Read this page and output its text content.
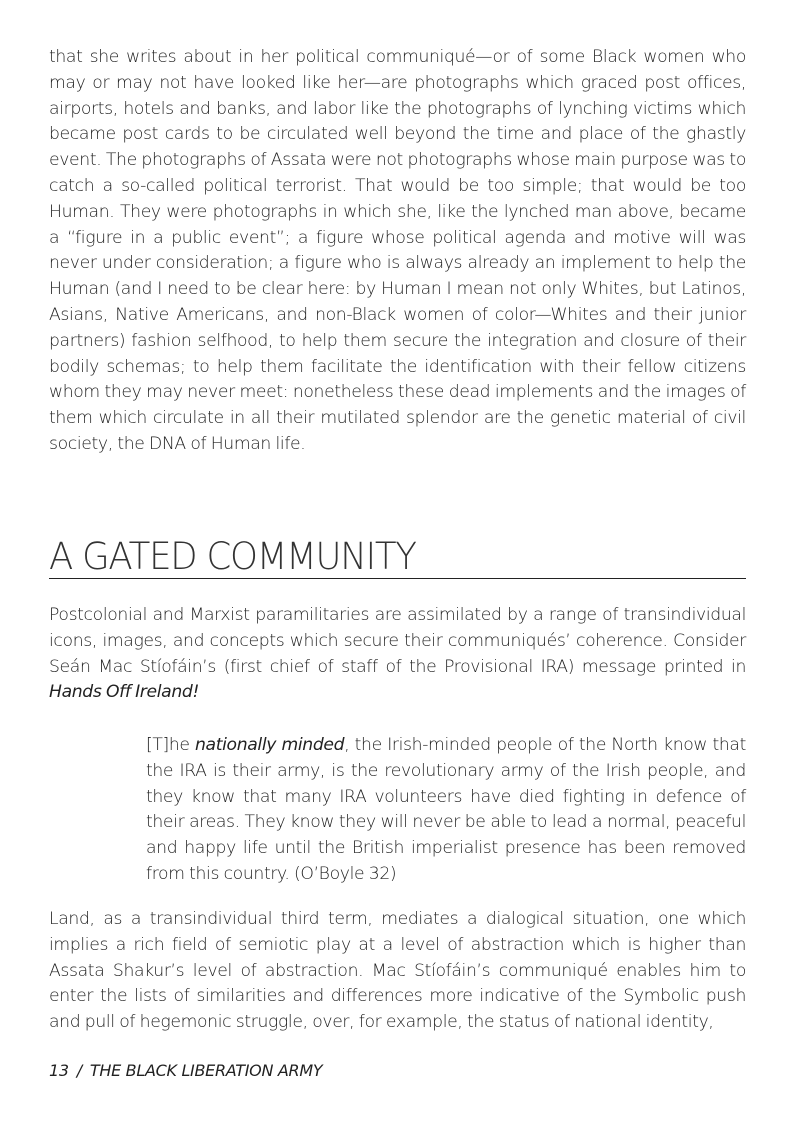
that she writes about in her political communiqué—or of some Black women who may or may not have looked like her—are photographs which graced post offices, airports, hotels and banks, and labor like the photographs of lynching victims which became post cards to be circulated well beyond the time and place of the ghastly event. The photographs of Assata were not photographs whose main purpose was to catch a so-called political terrorist. That would be too simple; that would be too Human. They were photographs in which she, like the lynched man above, became a “figure in a public event”; a figure whose political agenda and motive will was never under consideration; a figure who is always already an implement to help the Human (and I need to be clear here: by Human I mean not only Whites, but Latinos, Asians, Native Americans, and non-Black women of color—Whites and their junior partners) fashion selfhood, to help them secure the integration and closure of their bodily schemas; to help them facilitate the identification with their fellow citizens whom they may never meet: nonetheless these dead implements and the images of them which circulate in all their mutilated splendor are the genetic material of civil society, the DNA of Human life.

A GATED COMMUNITY

Postcolonial and Marxist paramilitaries are assimilated by a range of transindividual icons, images, and concepts which secure their communiqués’ coherence. Consider Seán Mac Stíofáin’s (first chief of staff of the Provisional IRA) message printed in Hands Off Ireland!

[T]he nationally minded, the Irish-minded people of the North know that the IRA is their army, is the revolutionary army of the Irish people, and they know that many IRA volunteers have died fighting in defence of their areas. They know they will never be able to lead a normal, peaceful and happy life until the British imperialist presence has been removed from this country. (O’Boyle 32)

Land, as a transindividual third term, mediates a dialogical situation, one which implies a rich field of semiotic play at a level of abstraction which is higher than Assata Shakur’s level of abstraction. Mac Stíofáin’s communiqué enables him to enter the lists of similarities and differences more indicative of the Symbolic push and pull of hegemonic struggle, over, for example, the status of national identity,

13 / THE BLACK LIBERATION ARMY
